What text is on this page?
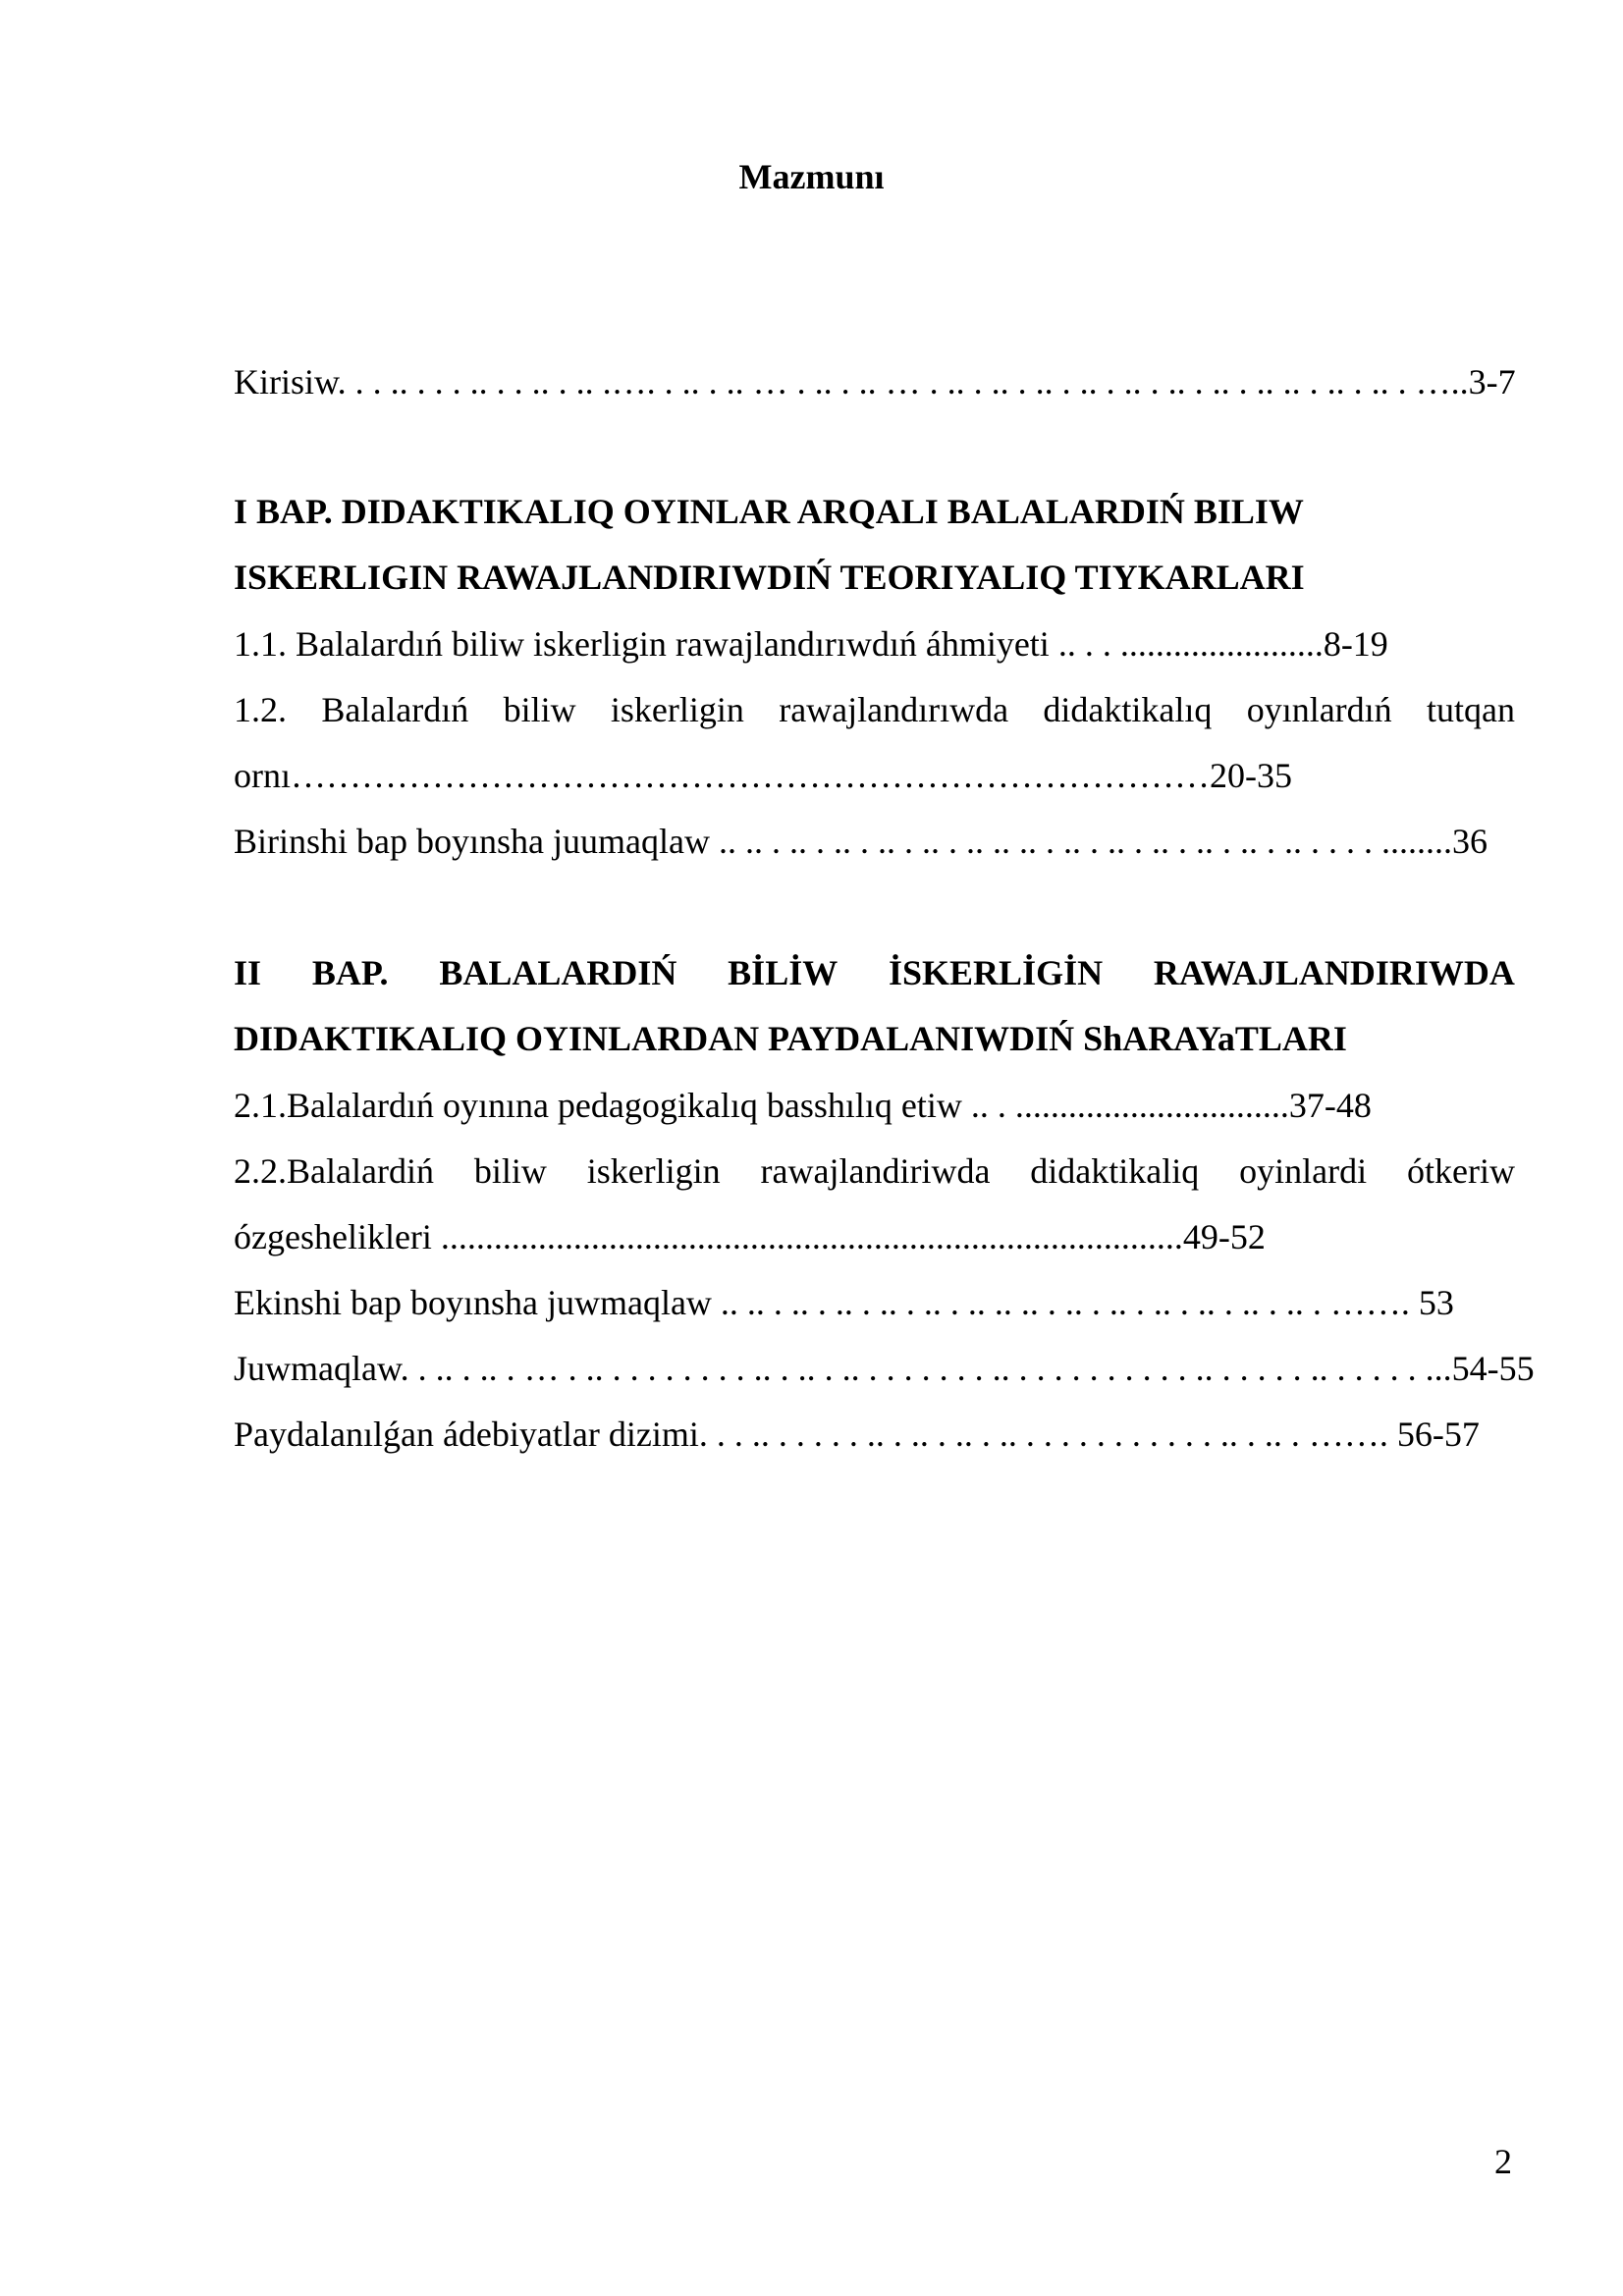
Mazmunı
Kirisiw. . . .. . . . .. . . .. . .. .…. . .. . .. … . .. . .. … . .. . .. . .. . .. . .. . .. . .. . .. .. . .. . .. . …..3-7
I BAP. DIDAKTIKALIQ OYINLAR ARQALI BALALARDIŃ BILIW
ISKERLIGIN RAWAJLANDIRIWDIŃ TEORIYALIQ TIYKARLARI
1.1. Balalardıń biliw iskerligin rawajlandırıwdıń áhmiyeti .. . . .......................8-19
1.2. Balalardıń biliw iskerligin rawajlandırıwda didaktikalıq oyınlardıń tutqan
ornı……………………………………………………………………20-35
Birinshi bap boyınsha juumaqlaw .. .. . .. . .. . .. . .. . .. .. .. . .. . .. . .. . .. . .. . .. . . . . ........36
II BAP. BALALARDIŃ BİLİW İSKERLİGİN RAWAJLANDIRIWDA
DIDAKTIKALIQ OYINLARDAN PAYDALANIWDIŃ ShARAYaTLARI
2.1.Balalardıń oyınına pedagogikalıq basshılıq etiw .. . ...............................37-48
2.2.Balalardiń biliw iskerligin rawajlandiriwda didaktikaliq oyinlardi ótkeriw
ózgeshelikleri ....................................................................................49-52
Ekinshi bap boyınsha juwmaqlaw .. .. . .. . .. . .. . .. . .. .. .. . .. . .. . .. . .. . .. . .. . ……. 53
Juwmaqlaw. . .. . .. . … . .. . . . . . . . . .. . .. . .. . . . . . . . .. . . . . . . . . . . .. . . . . . .. . . . . . ...54-55
Paydalanılǵan ádebiyatlar dizimi. . . .. . . . . . .. . .. . .. . .. . . . . . . . . . . . .. . .. . ……. 56-57
2
